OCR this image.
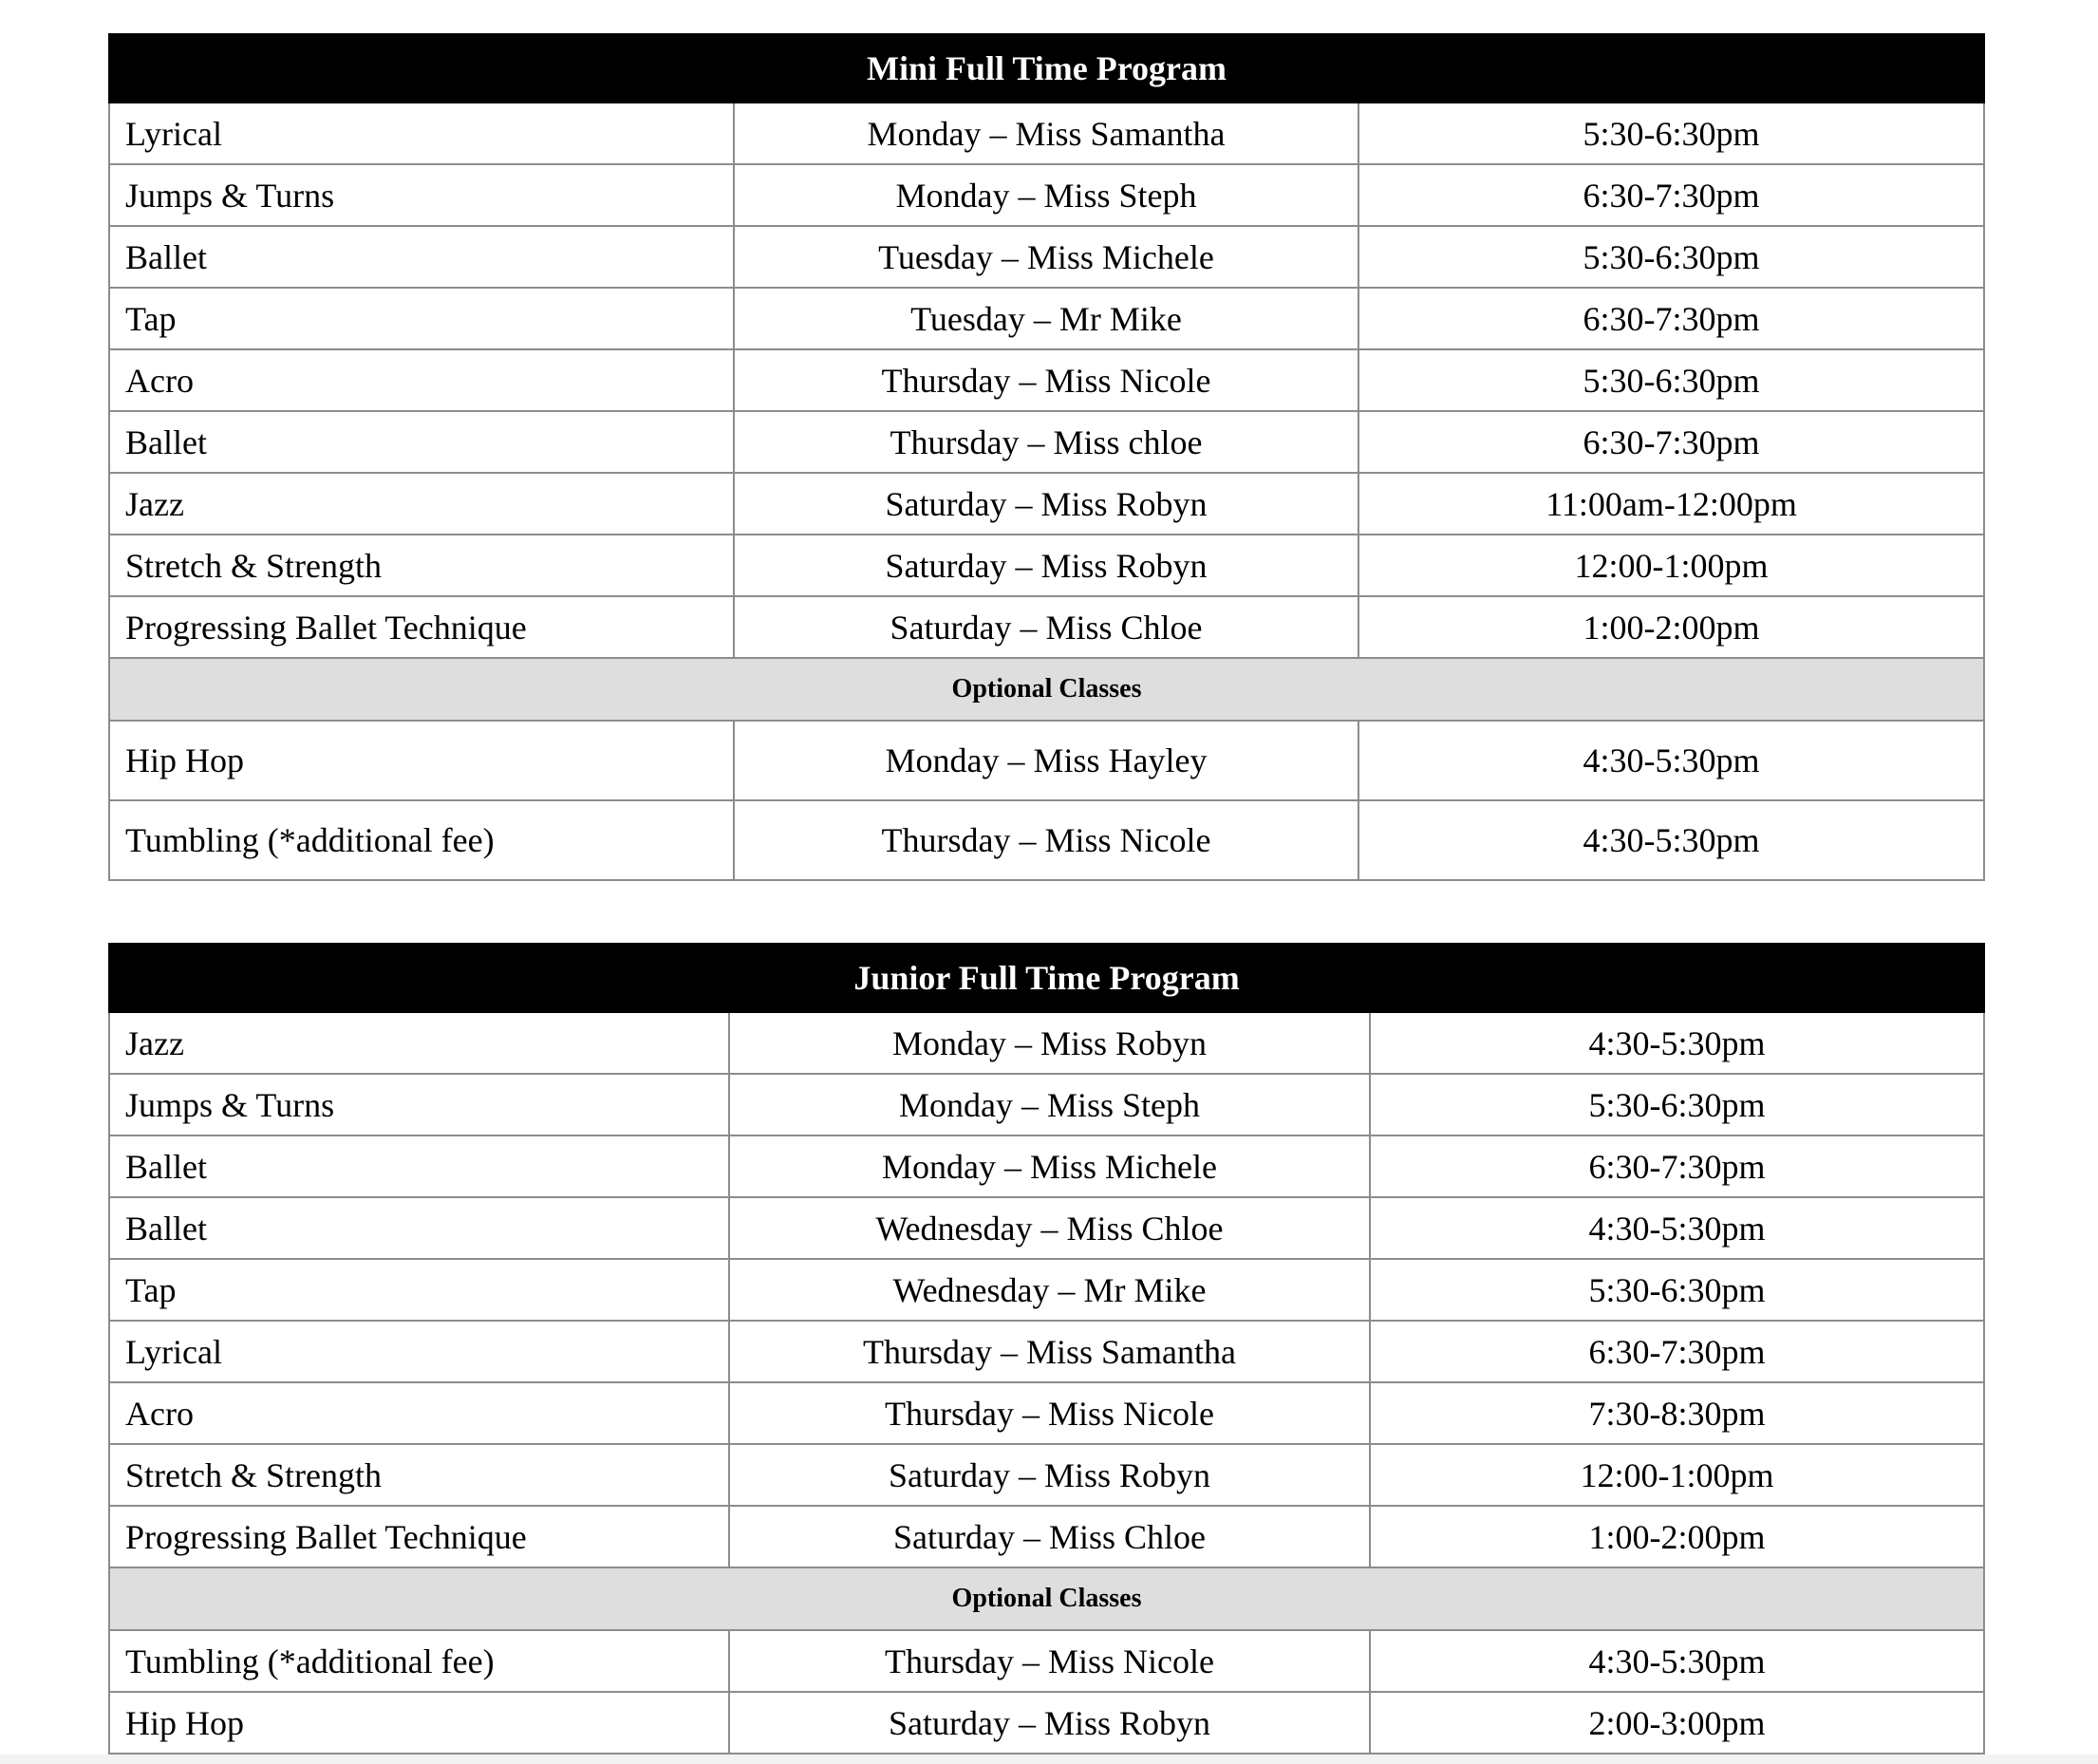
Mini Full Time Program		
Lyrical	Monday – Miss Samantha	5:30-6:30pm
Jumps & Turns	Monday – Miss Steph	6:30-7:30pm
Ballet	Tuesday – Miss Michele	5:30-6:30pm
Tap	Tuesday – Mr Mike	6:30-7:30pm
Acro	Thursday – Miss Nicole	5:30-6:30pm
Ballet	Thursday – Miss chloe	6:30-7:30pm
Jazz	Saturday – Miss Robyn	11:00am-12:00pm
Stretch & Strength	Saturday – Miss Robyn	12:00-1:00pm
Progressing Ballet Technique	Saturday – Miss Chloe	1:00-2:00pm
Optional Classes		
Hip Hop	Monday – Miss Hayley	4:30-5:30pm
Tumbling (*additional fee)	Thursday – Miss Nicole	4:30-5:30pm
Junior Full Time Program		
Jazz	Monday – Miss Robyn	4:30-5:30pm
Jumps & Turns	Monday – Miss Steph	5:30-6:30pm
Ballet	Monday – Miss Michele	6:30-7:30pm
Ballet	Wednesday – Miss Chloe	4:30-5:30pm
Tap	Wednesday – Mr Mike	5:30-6:30pm
Lyrical	Thursday – Miss Samantha	6:30-7:30pm
Acro	Thursday – Miss Nicole	7:30-8:30pm
Stretch & Strength	Saturday – Miss Robyn	12:00-1:00pm
Progressing Ballet Technique	Saturday – Miss Chloe	1:00-2:00pm
Optional Classes		
Tumbling (*additional fee)	Thursday – Miss Nicole	4:30-5:30pm
Hip Hop	Saturday – Miss Robyn	2:00-3:00pm
